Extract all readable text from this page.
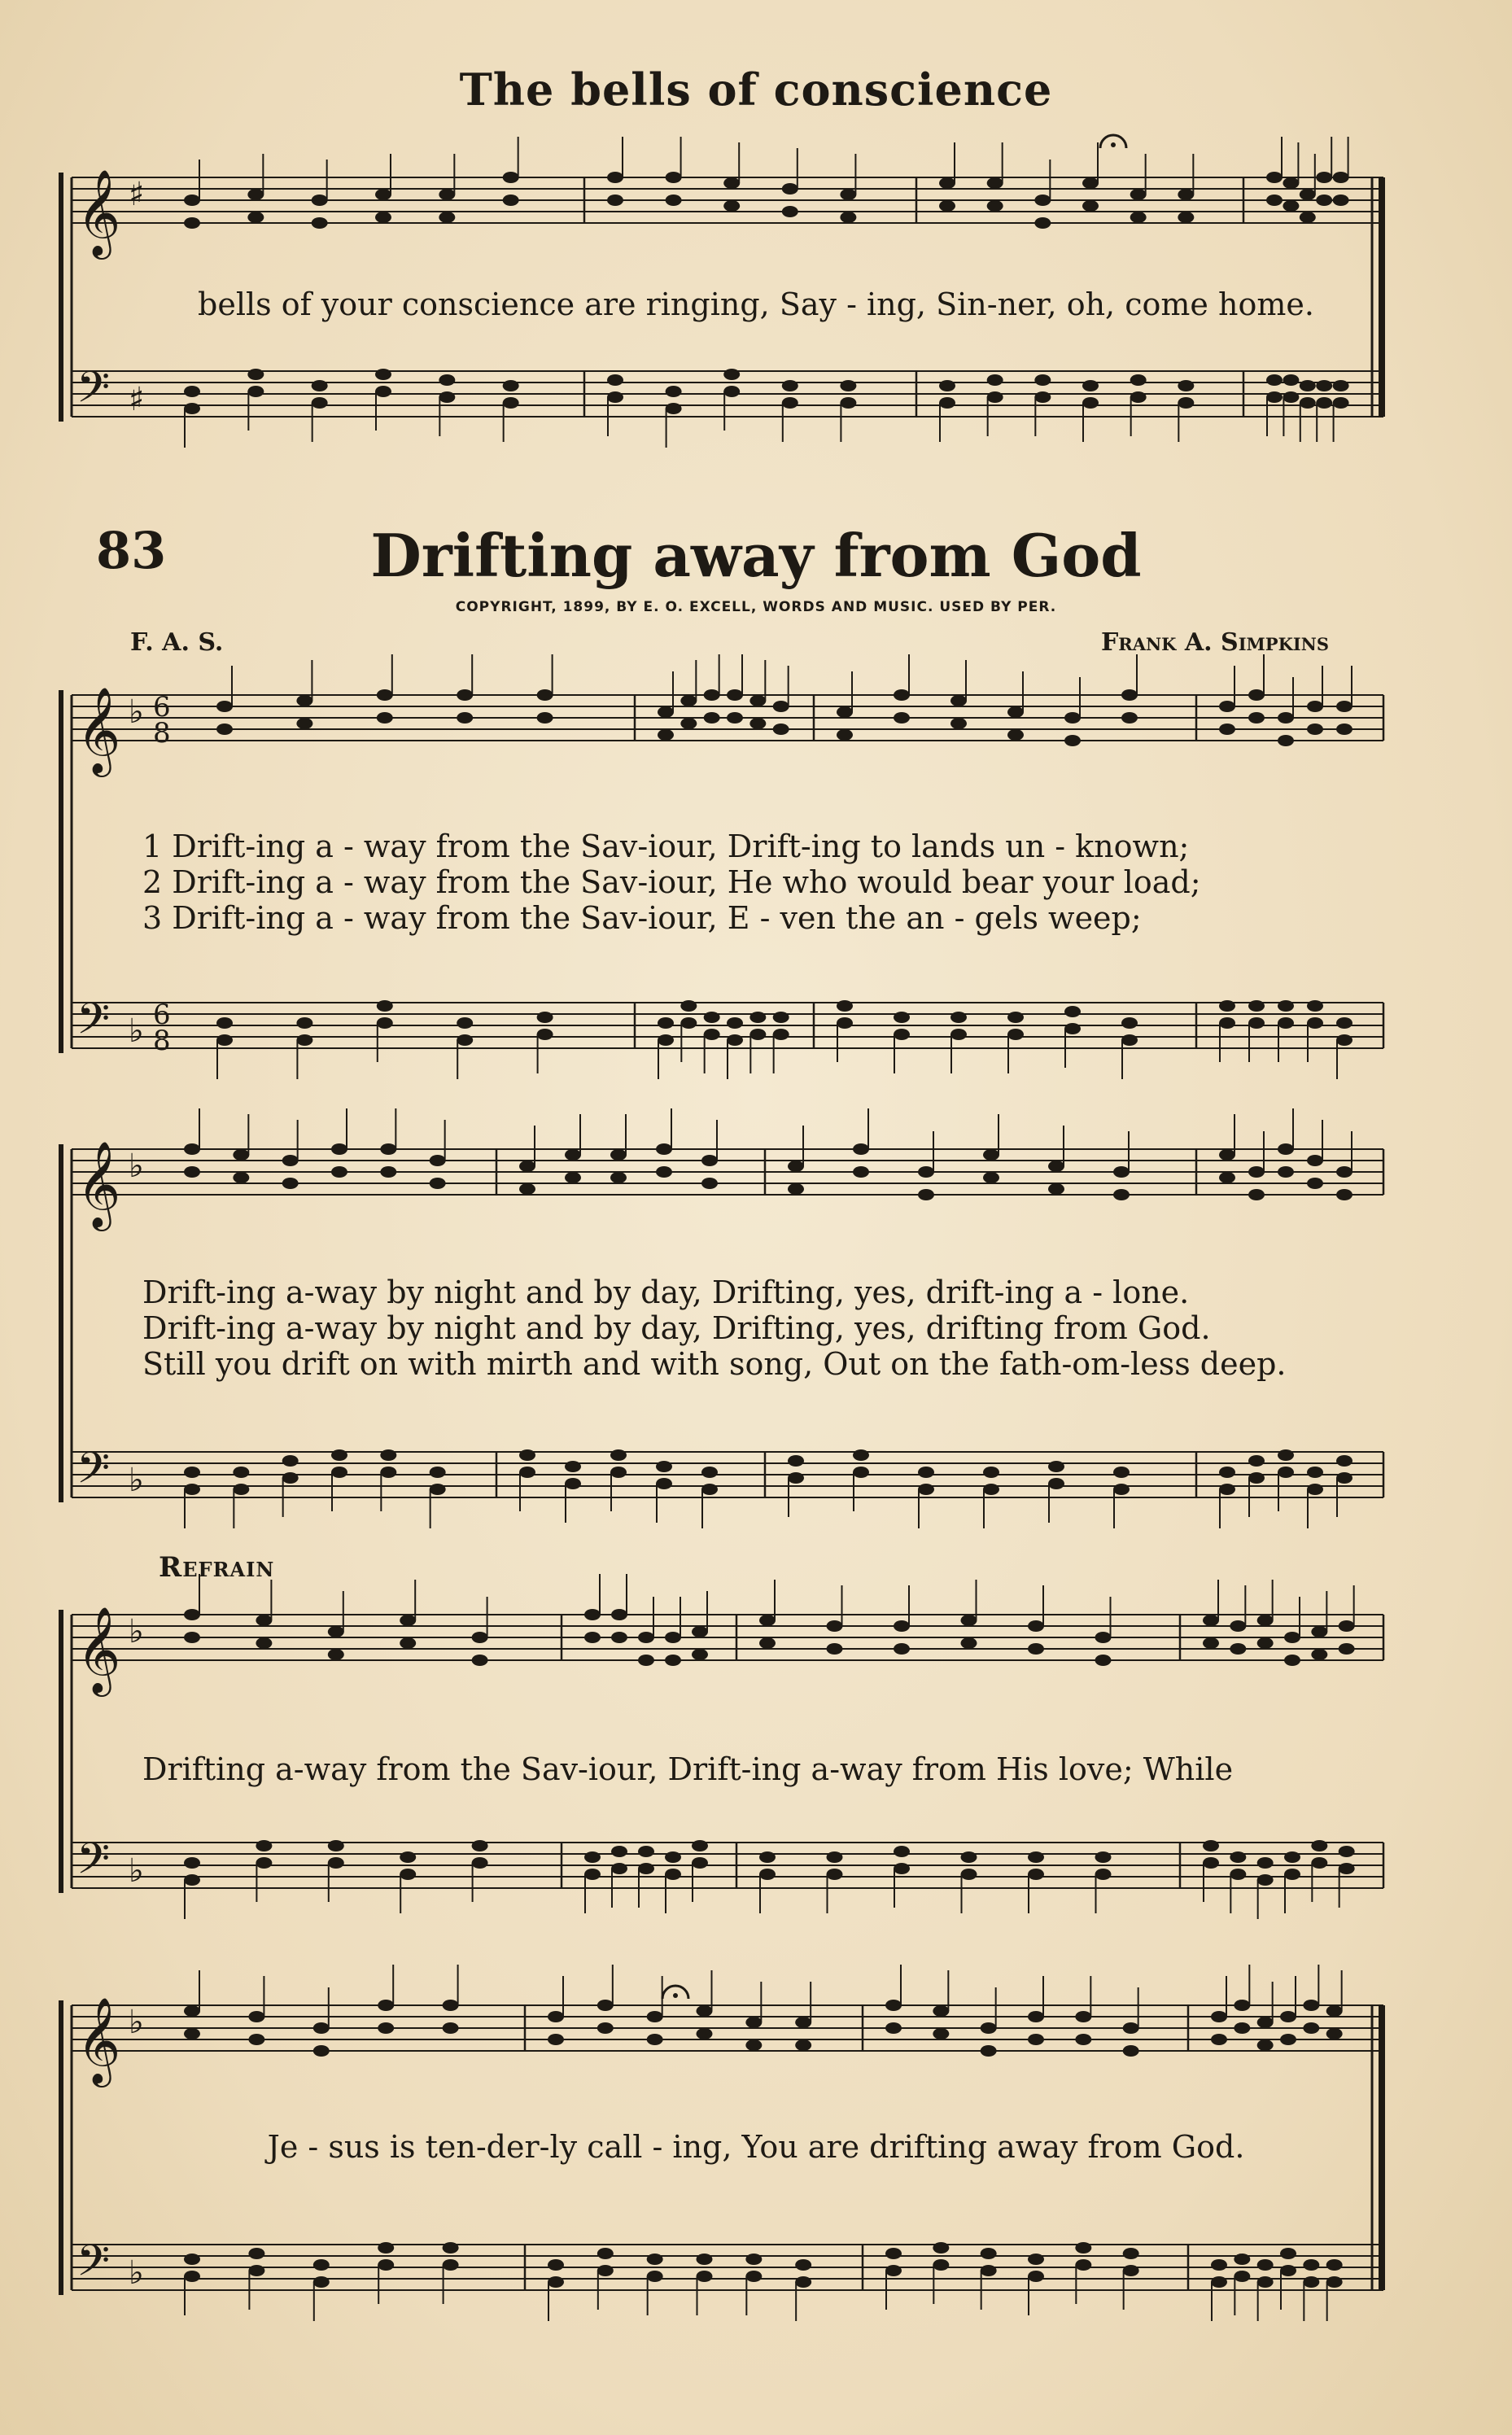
The bells of conscience
𝄞
𝄢
♯
♯
𝄞
𝄢
♭
♭
6
8
6
8
𝄞
𝄢
♭
♭
𝄞
𝄢
♭
♭
𝄞
𝄢
♭
♭
bells of your conscience are ringing, Say - ing, Sin-ner, oh, come home.
83	Drifting away from God
COPYRIGHT, 1899, BY E. O. EXCELL, WORDS AND MUSIC. USED BY PER.
F. A. S.	Frank A. Simpkins
1 Drift-ing a - way from the Sav-iour, Drift-ing to lands un - known;
2 Drift-ing a - way from the Sav-iour, He who would bear your load;
3 Drift-ing a - way from the Sav-iour, E - ven the an - gels weep;
Drift-ing a-way by night and by day, Drifting, yes, drift-ing a - lone.
Drift-ing a-way by night and by day, Drifting, yes, drifting from God.
Still you drift on with mirth and with song, Out on the fath-om-less deep.
Refrain
Drifting a-way from the Sav-iour, Drift-ing a-way from His love; While
Je - sus is ten-der-ly call - ing, You are drifting away from God.
